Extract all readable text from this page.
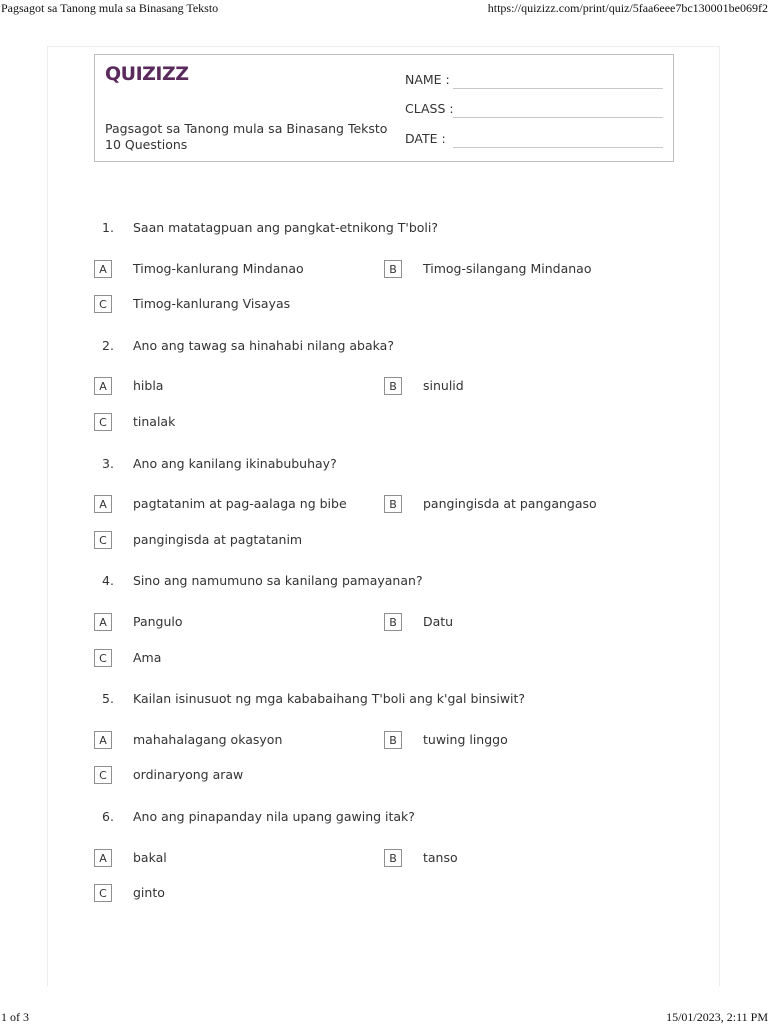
Pagsagot sa Tanong mula sa Binasang Teksto	https://quizizz.com/print/quiz/5faa6eee7bc130001be069f2
QUIZIZZ
Pagsagot sa Tanong mula sa Binasang Teksto
10 Questions
NAME :
CLASS :
DATE :
1. Saan matatagpuan ang pangkat-etnikong T'boli?
A	Timog-kanlurang Mindanao	B	Timog-silangang Mindanao
C	Timog-kanlurang Visayas
2. Ano ang tawag sa hinahabi nilang abaka?
A	hibla	B	sinulid
C	tinalak
3. Ano ang kanilang ikinabubuhay?
A	pagtatanim at pag-aalaga ng bibe	B	pangingisda at pangangaso
C	pangingisda at pagtatanim
4. Sino ang namumuno sa kanilang pamayanan?
A	Pangulo	B	Datu
C	Ama
5. Kailan isinusuot ng mga kababaihang T'boli ang k'gal binsiwit?
A	mahahalagang okasyon	B	tuwing linggo
C	ordinaryong araw
6. Ano ang pinapanday nila upang gawing itak?
A	bakal	B	tanso
C	ginto
1 of 3	15/01/2023, 2:11 PM
